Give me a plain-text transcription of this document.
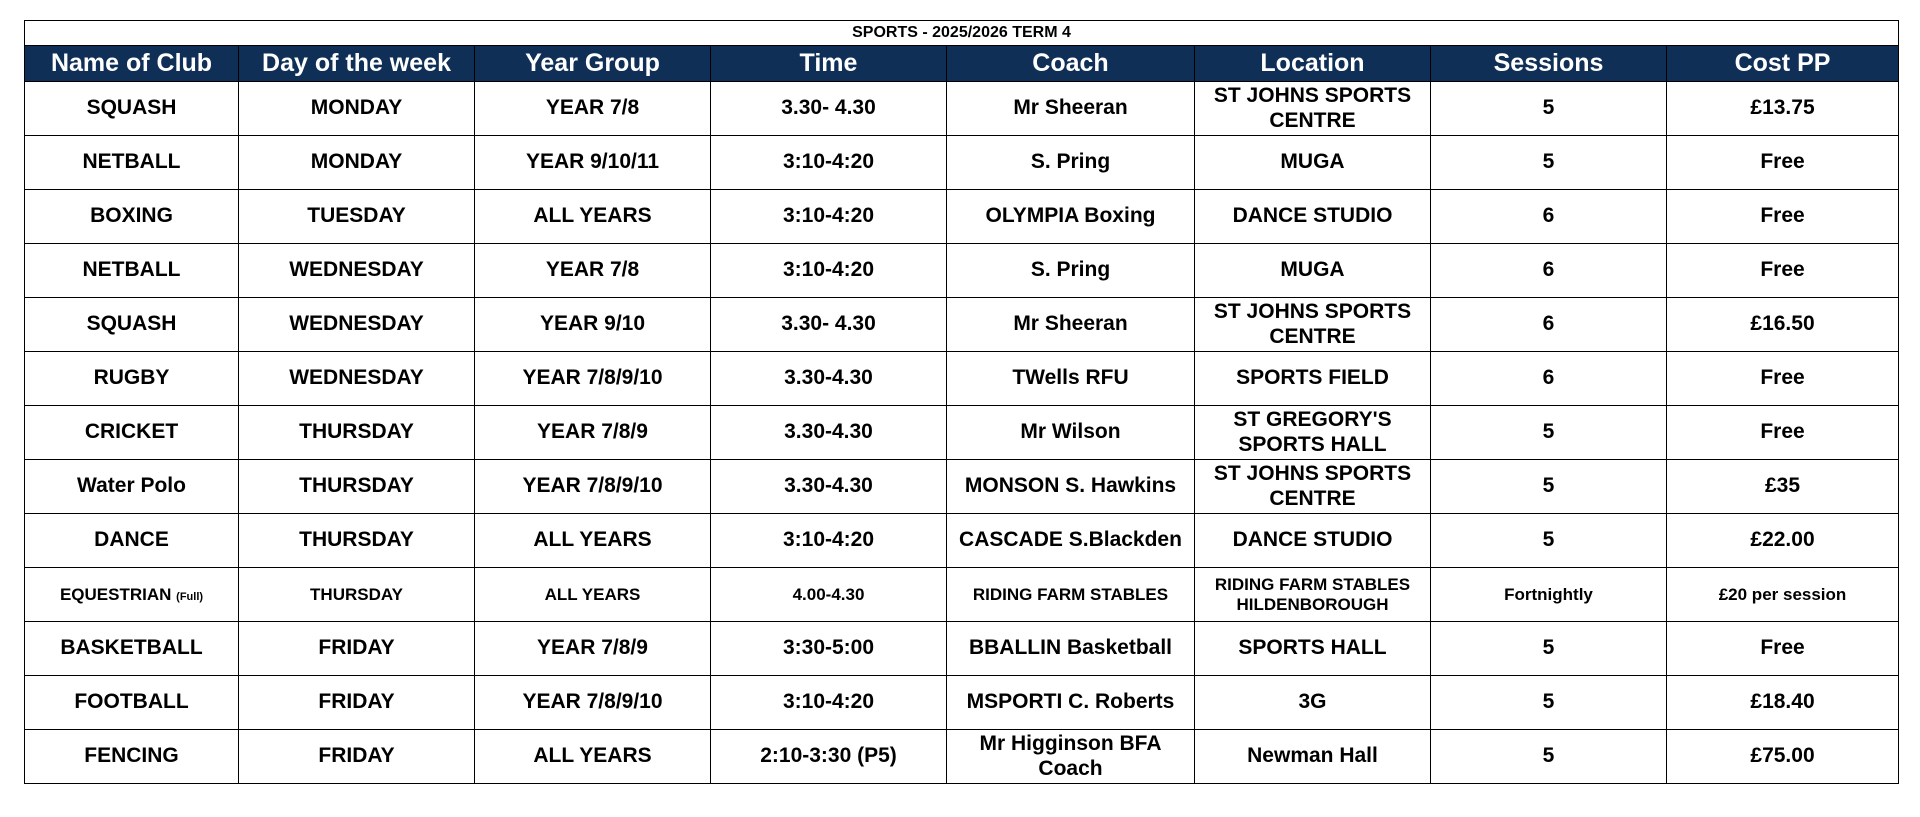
SPORTS - 2025/2026 TERM 4							
Name of Club	Day of the week	Year Group	Time	Coach	Location	Sessions	Cost PP
SQUASH	MONDAY	YEAR 7/8	3.30- 4.30	Mr Sheeran	ST JOHNS SPORTS CENTRE	5	£13.75
NETBALL	MONDAY	YEAR 9/10/11	3:10-4:20	S. Pring	MUGA	5	Free
BOXING	TUESDAY	ALL YEARS	3:10-4:20	OLYMPIA Boxing	DANCE STUDIO	6	Free
NETBALL	WEDNESDAY	YEAR 7/8	3:10-4:20	S. Pring	MUGA	6	Free
SQUASH	WEDNESDAY	YEAR 9/10	3.30- 4.30	Mr Sheeran	ST JOHNS SPORTS CENTRE	6	£16.50
RUGBY	WEDNESDAY	YEAR 7/8/9/10	3.30-4.30	TWells RFU	SPORTS FIELD	6	Free
CRICKET	THURSDAY	YEAR 7/8/9	3.30-4.30	Mr Wilson	ST GREGORY'S SPORTS HALL	5	Free
Water Polo	THURSDAY	YEAR 7/8/9/10	3.30-4.30	MONSON S. Hawkins	ST JOHNS SPORTS CENTRE	5	£35
DANCE	THURSDAY	ALL YEARS	3:10-4:20	CASCADE S.Blackden	DANCE STUDIO	5	£22.00
EQUESTRIAN (Full)	THURSDAY	ALL YEARS	4.00-4.30	RIDING FARM STABLES	RIDING FARM STABLES HILDENBOROUGH	Fortnightly	£20 per session
BASKETBALL	FRIDAY	YEAR 7/8/9	3:30-5:00	BBALLIN Basketball	SPORTS HALL	5	Free
FOOTBALL	FRIDAY	YEAR 7/8/9/10	3:10-4:20	MSPORTI C. Roberts	3G	5	£18.40
FENCING	FRIDAY	ALL YEARS	2:10-3:30 (P5)	Mr Higginson BFA Coach	Newman Hall	5	£75.00
